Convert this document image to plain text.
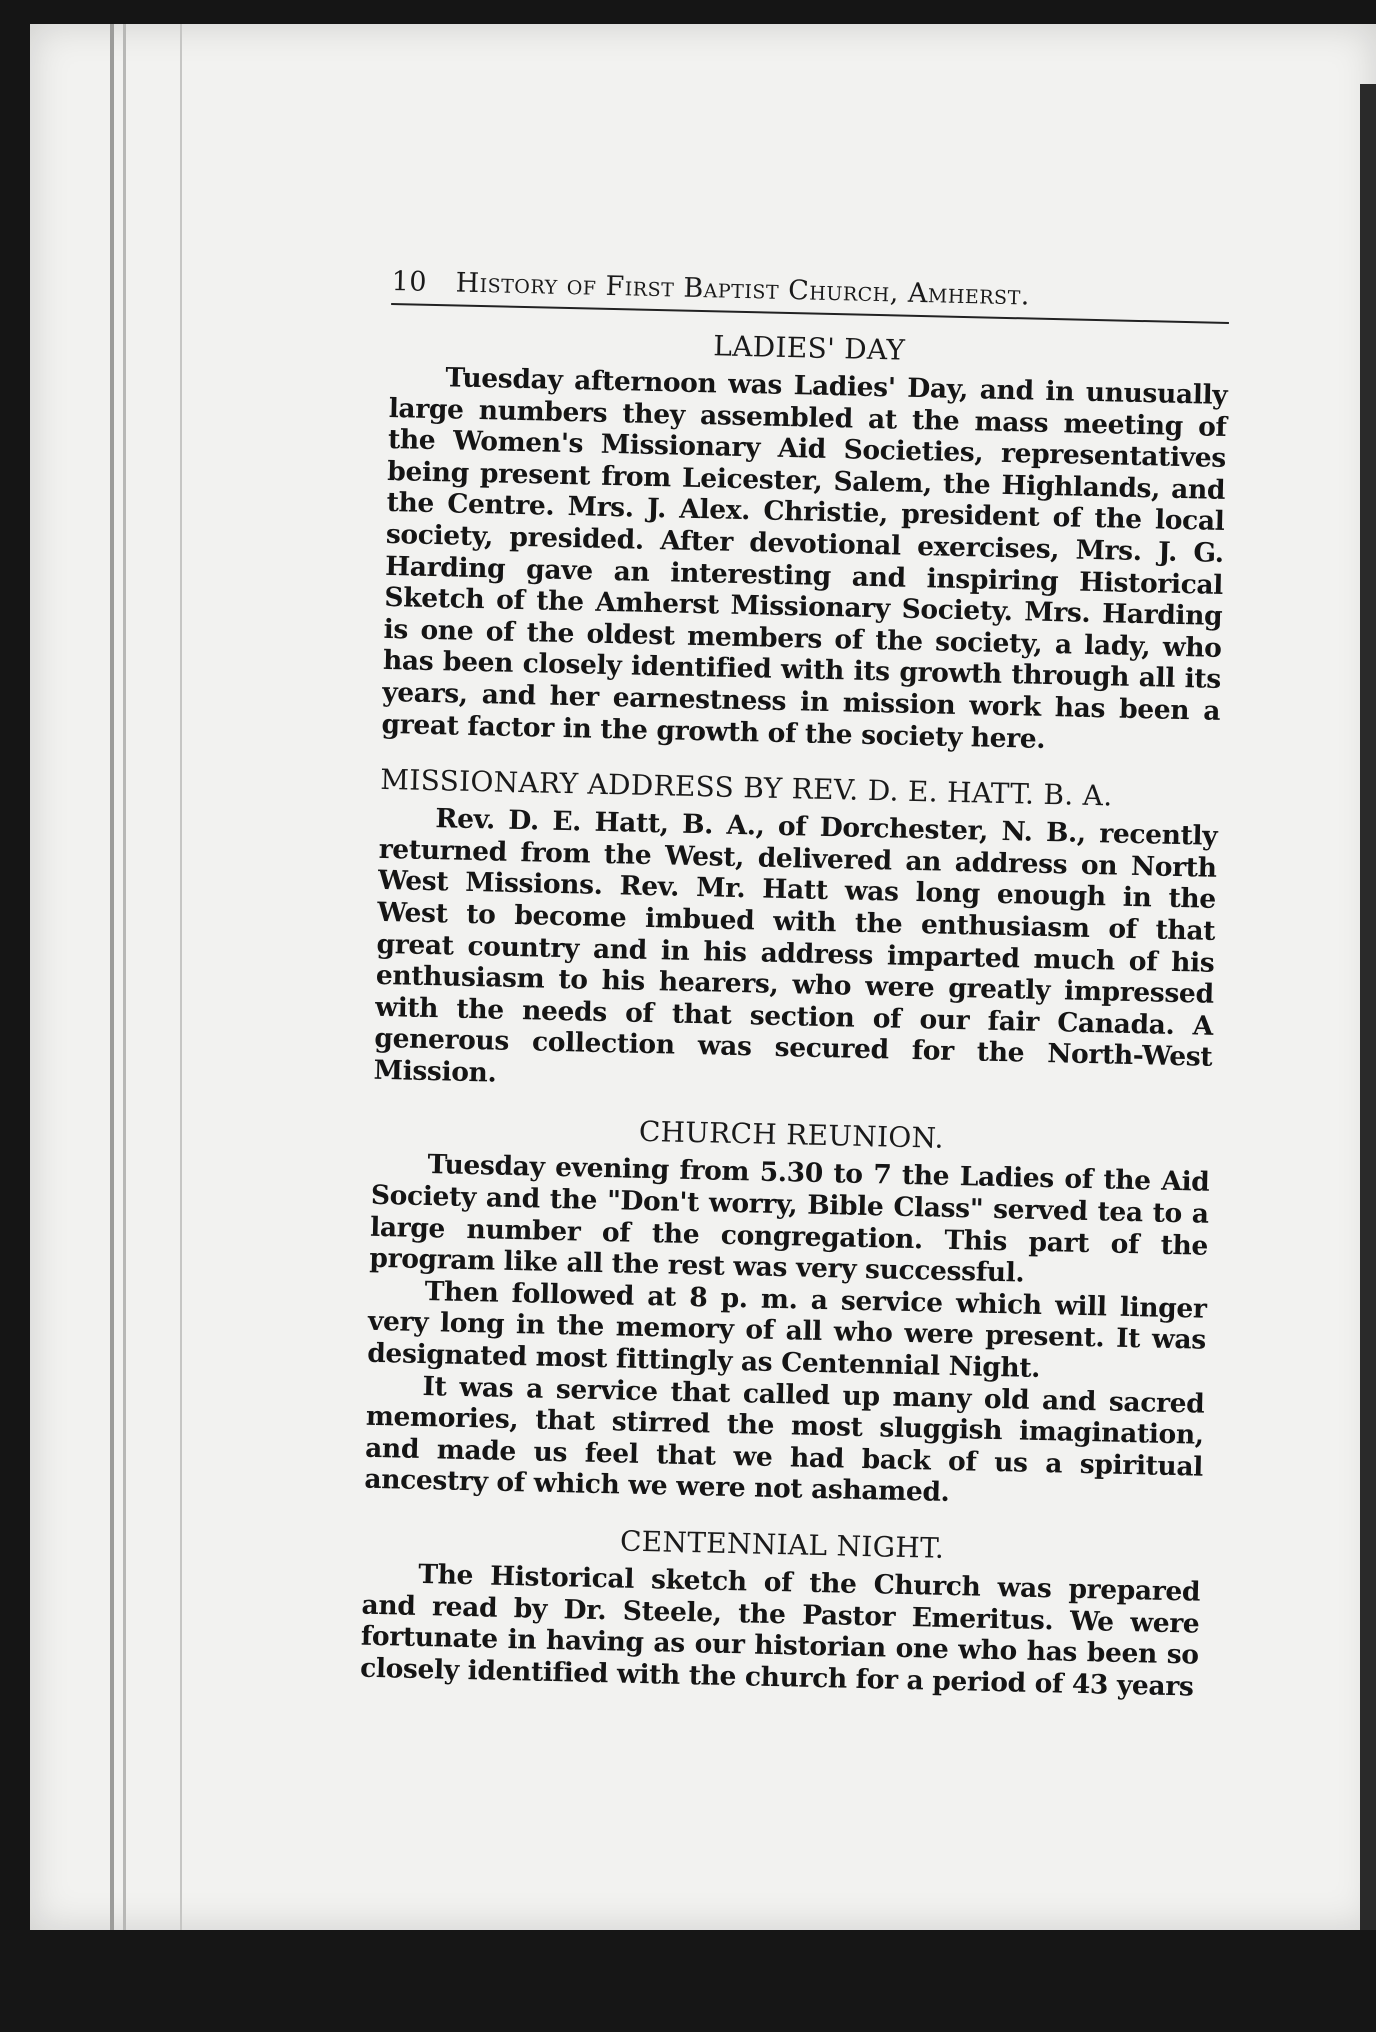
10	History of First Baptist Church, Amherst.
LADIES' DAY

Tuesday afternoon was Ladies' Day, and in unusually large numbers they assembled at the mass meeting of the Women's Missionary Aid Societies, representatives being present from Leicester, Salem, the Highlands, and the Centre. Mrs. J. Alex. Christie, president of the local society, presided. After devotional exercises, Mrs. J. G. Harding gave an interesting and inspiring Historical Sketch of the Amherst Missionary Society. Mrs. Harding is one of the oldest members of the society, a lady, who has been closely identified with its growth through all its years, and her earnestness in mission work has been a great factor in the growth of the society here.

MISSIONARY ADDRESS BY REV. D. E. HATT. B. A.

Rev. D. E. Hatt, B. A., of Dorchester, N. B., recently returned from the West, delivered an address on North West Missions. Rev. Mr. Hatt was long enough in the West to become imbued with the enthusiasm of that great country and in his address imparted much of his enthusiasm to his hearers, who were greatly impressed with the needs of that section of our fair Canada. A generous collection was secured for the North-West Mission.

CHURCH REUNION.

Tuesday evening from 5.30 to 7 the Ladies of the Aid Society and the "Don't worry, Bible Class" served tea to a large number of the congregation. This part of the program like all the rest was very successful.

Then followed at 8 p. m. a service which will linger very long in the memory of all who were present. It was designated most fittingly as Centennial Night.

It was a service that called up many old and sacred memories, that stirred the most sluggish imagination, and made us feel that we had back of us a spiritual ancestry of which we were not ashamed.

CENTENNIAL NIGHT.

The Historical sketch of the Church was prepared and read by Dr. Steele, the Pastor Emeritus. We were fortunate in having as our historian one who has been so closely identified with the church for a period of 43 years
